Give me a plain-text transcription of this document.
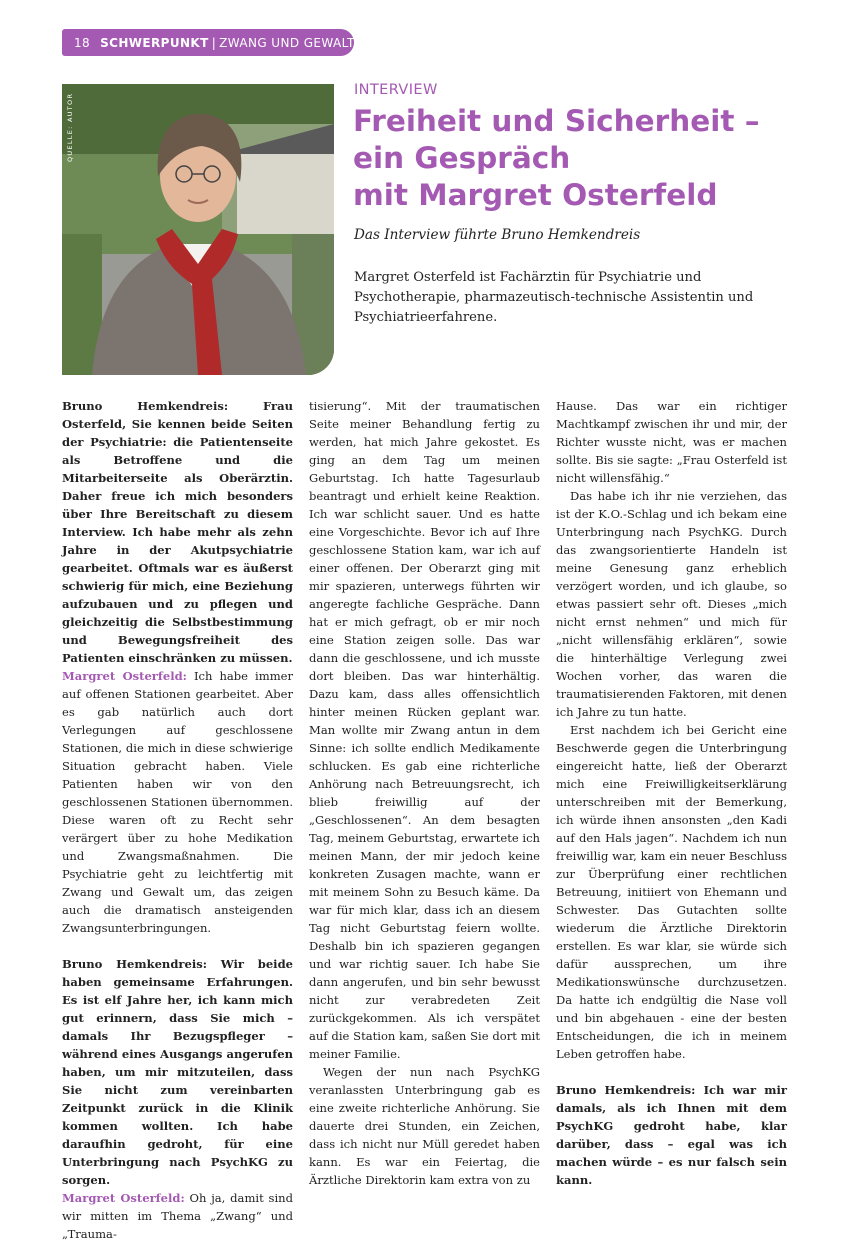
18 SCHWERPUNKT | ZWANG UND GEWALT
QUELLE: AUTOR
INTERVIEW
Freiheit und Sicherheit –
ein Gespräch
mit Margret Osterfeld
Das Interview führte Bruno Hemkendreis
Margret Osterfeld ist Fachärztin für Psychiatrie und Psychotherapie, pharmazeutisch-technische Assistentin und Psychiatrieerfahrene.

Bruno Hemkendreis: Frau Osterfeld, Sie kennen beide Seiten der Psychiatrie: die Patientenseite als Betroffene und die Mitarbeiterseite als Oberärztin. Daher freue ich mich besonders über Ihre Bereitschaft zu diesem Interview. Ich habe mehr als zehn Jahre in der Akutpsychiatrie gearbeitet. Oftmals war es äußerst schwierig für mich, eine Beziehung aufzubauen und zu pflegen und gleichzeitig die Selbstbestimmung und Bewegungsfreiheit des Patienten einschränken zu müssen.

Margret Osterfeld: Ich habe immer auf offenen Stationen gearbeitet. Aber es gab natürlich auch dort Verlegungen auf geschlossene Stationen, die mich in diese schwierige Situation gebracht haben. Viele Patienten haben wir von den geschlossenen Stationen übernommen. Diese waren oft zu Recht sehr verärgert über zu hohe Medikation und Zwangsmaßnahmen. Die Psychiatrie geht zu leichtfertig mit Zwang und Gewalt um, das zeigen auch die dramatisch ansteigenden Zwangsunterbringungen.

Bruno Hemkendreis: Wir beide haben gemeinsame Erfahrungen. Es ist elf Jahre her, ich kann mich gut erinnern, dass Sie mich – damals Ihr Bezugspfleger – während eines Ausgangs angerufen haben, um mir mitzuteilen, dass Sie nicht zum vereinbarten Zeitpunkt zurück in die Klinik kommen wollten. Ich habe daraufhin gedroht, für eine Unterbringung nach PsychKG zu sorgen.

Margret Osterfeld: Oh ja, damit sind wir mitten im Thema „Zwang“ und „Trauma-

tisierung“. Mit der traumatischen Seite meiner Behandlung fertig zu werden, hat mich Jahre gekostet. Es ging an dem Tag um meinen Geburtstag. Ich hatte Tagesurlaub beantragt und erhielt keine Reaktion. Ich war schlicht sauer. Und es hatte eine Vorgeschichte. Bevor ich auf Ihre geschlossene Station kam, war ich auf einer offenen. Der Oberarzt ging mit mir spazieren, unterwegs führten wir angeregte fachliche Gespräche. Dann hat er mich gefragt, ob er mir noch eine Station zeigen solle. Das war dann die geschlossene, und ich musste dort bleiben. Das war hinterhältig. Dazu kam, dass alles offensichtlich hinter meinen Rücken geplant war. Man wollte mir Zwang antun in dem Sinne: ich sollte endlich Medikamente schlucken. Es gab eine richterliche Anhörung nach Betreuungsrecht, ich blieb freiwillig auf der „Geschlossenen“. An dem besagten Tag, meinem Geburtstag, erwartete ich meinen Mann, der mir jedoch keine konkreten Zusagen machte, wann er mit meinem Sohn zu Besuch käme. Da war für mich klar, dass ich an diesem Tag nicht Geburtstag feiern wollte. Deshalb bin ich spazieren gegangen und war richtig sauer. Ich habe Sie dann angerufen, und bin sehr bewusst nicht zur verabredeten Zeit zurückgekommen. Als ich verspätet auf die Station kam, saßen Sie dort mit meiner Familie.

Wegen der nun nach PsychKG veranlassten Unterbringung gab es eine zweite richterliche Anhörung. Sie dauerte drei Stunden, ein Zeichen, dass ich nicht nur Müll geredet haben kann. Es war ein Feiertag, die Ärztliche Direktorin kam extra von zu

Hause. Das war ein richtiger Machtkampf zwischen ihr und mir, der Richter wusste nicht, was er machen sollte. Bis sie sagte: „Frau Osterfeld ist nicht willensfähig.“

Das habe ich ihr nie verziehen, das ist der K.O.-Schlag und ich bekam eine Unterbringung nach PsychKG. Durch das zwangsorientierte Handeln ist meine Genesung ganz erheblich verzögert worden, und ich glaube, so etwas passiert sehr oft. Dieses „mich nicht ernst nehmen“ und mich für „nicht willensfähig erklären“, sowie die hinterhältige Verlegung zwei Wochen vorher, das waren die traumatisierenden Faktoren, mit denen ich Jahre zu tun hatte.

Erst nachdem ich bei Gericht eine Beschwerde gegen die Unterbringung eingereicht hatte, ließ der Oberarzt mich eine Freiwilligkeitserklärung unterschreiben mit der Bemerkung, ich würde ihnen ansonsten „den Kadi auf den Hals jagen“. Nachdem ich nun freiwillig war, kam ein neuer Beschluss zur Überprüfung einer rechtlichen Betreuung, initiiert von Ehemann und Schwester. Das Gutachten sollte wiederum die Ärztliche Direktorin erstellen. Es war klar, sie würde sich dafür aussprechen, um ihre Medikationswünsche durchzusetzen. Da hatte ich endgültig die Nase voll und bin abgehauen - eine der besten Entscheidungen, die ich in meinem Leben getroffen habe.

Bruno Hemkendreis: Ich war mir damals, als ich Ihnen mit dem PsychKG gedroht habe, klar darüber, dass – egal was ich machen würde – es nur falsch sein kann.
